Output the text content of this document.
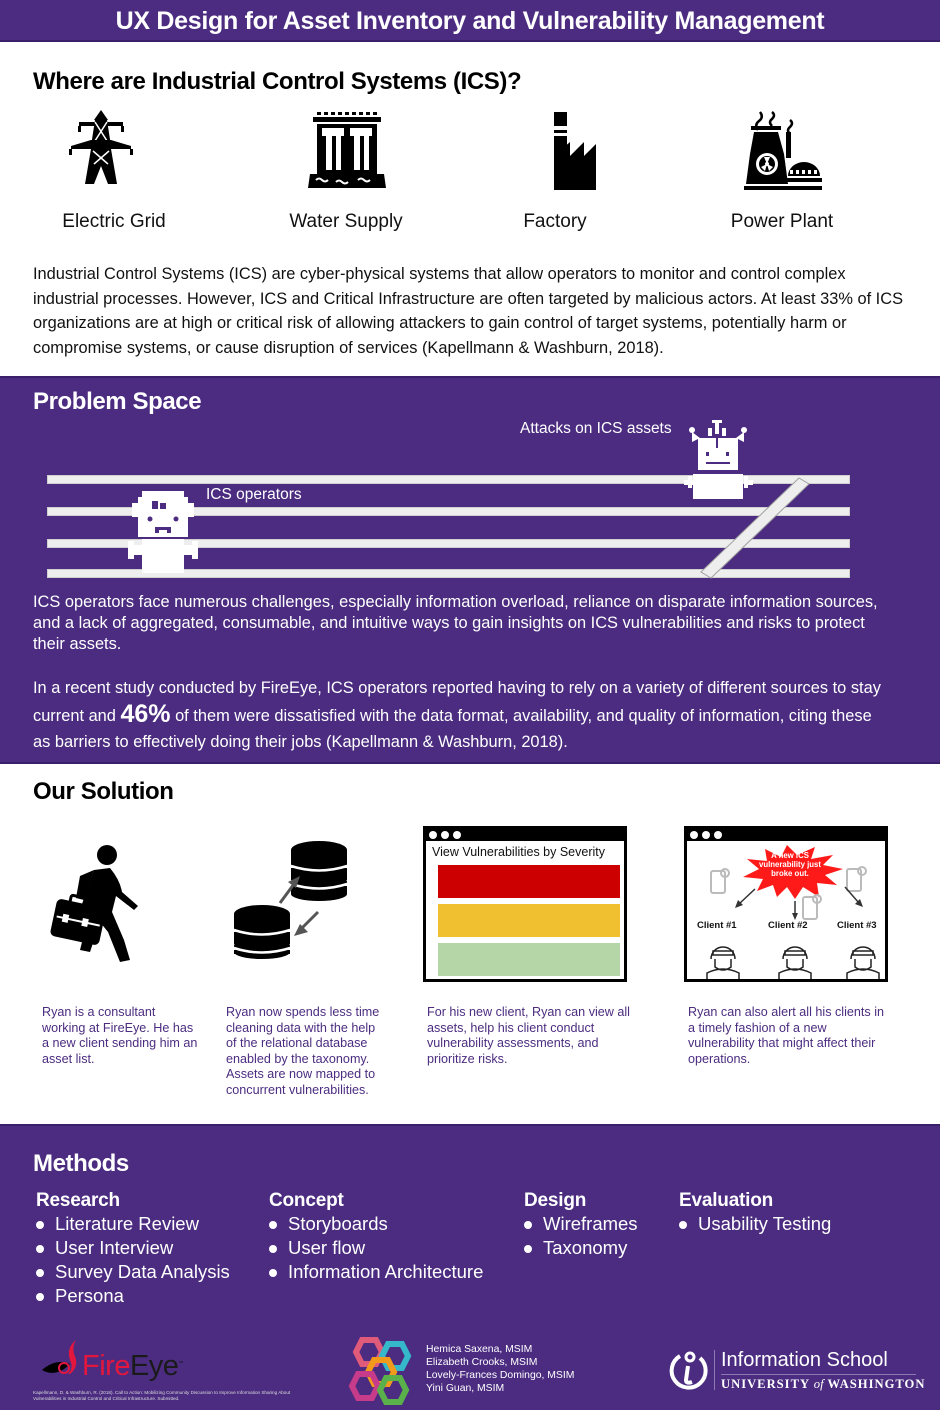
UX Design for Asset Inventory and Vulnerability Management
Where are Industrial Control Systems (ICS)?
Electric Grid	Water Supply	Factory	Power Plant

Industrial Control Systems (ICS) are cyber-physical systems that allow operators to monitor and control complex industrial processes. However, ICS and Critical Infrastructure are often targeted by malicious actors. At least 33% of ICS organizations are at high or critical risk of allowing attackers to gain control of target systems, potentially harm or compromise systems, or cause disruption of services (Kapellmann & Washburn, 2018).

Problem Space
Attacks on ICS assets
ICS operators

ICS operators face numerous challenges, especially information overload, reliance on disparate information sources, and a lack of aggregated, consumable, and intuitive ways to gain insights on ICS vulnerabilities and risks to protect their assets.

In a recent study conducted by FireEye, ICS operators reported having to rely on a variety of different sources to stay current and 46% of them were dissatisfied with the data format, availability, and quality of information, citing these as barriers to effectively doing their jobs (Kapellmann & Washburn, 2018).

Our Solution
View Vulnerabilities by Severity	A new ICS vulnerability just broke out.
Client #1	Client #2	Client #3
Ryan is a consultant working at FireEye. He has a new client sending him an asset list.
Ryan now spends less time cleaning data with the help of the relational database enabled by the taxonomy. Assets are now mapped to concurrent vulnerabilities.
For his new client, Ryan can view all assets, help his client conduct vulnerability assessments, and prioritize risks.
Ryan can also alert all his clients in a timely fashion of a new vulnerability that might affect their operations.
Methods
Research
Literature Review
User Interview
Survey Data Analysis
Persona
Concept
Storyboards
User flow
Information Architecture
Design
Wireframes
Taxonomy
Evaluation
Usability Testing
FireEye™
Kapellmann, D. & Washburn, R. (2018). Call to Action: Mobilizing Community Discussion to Improve Information Sharing About Vulnerabilities in Industrial Control and Critical Infrastructure. Submitted.
Hemica Saxena, MSIM
Elizabeth Crooks, MSIM
Lovely-Frances Domingo, MSIM
Yini Guan, MSIM
Information School
UNIVERSITY of WASHINGTON
